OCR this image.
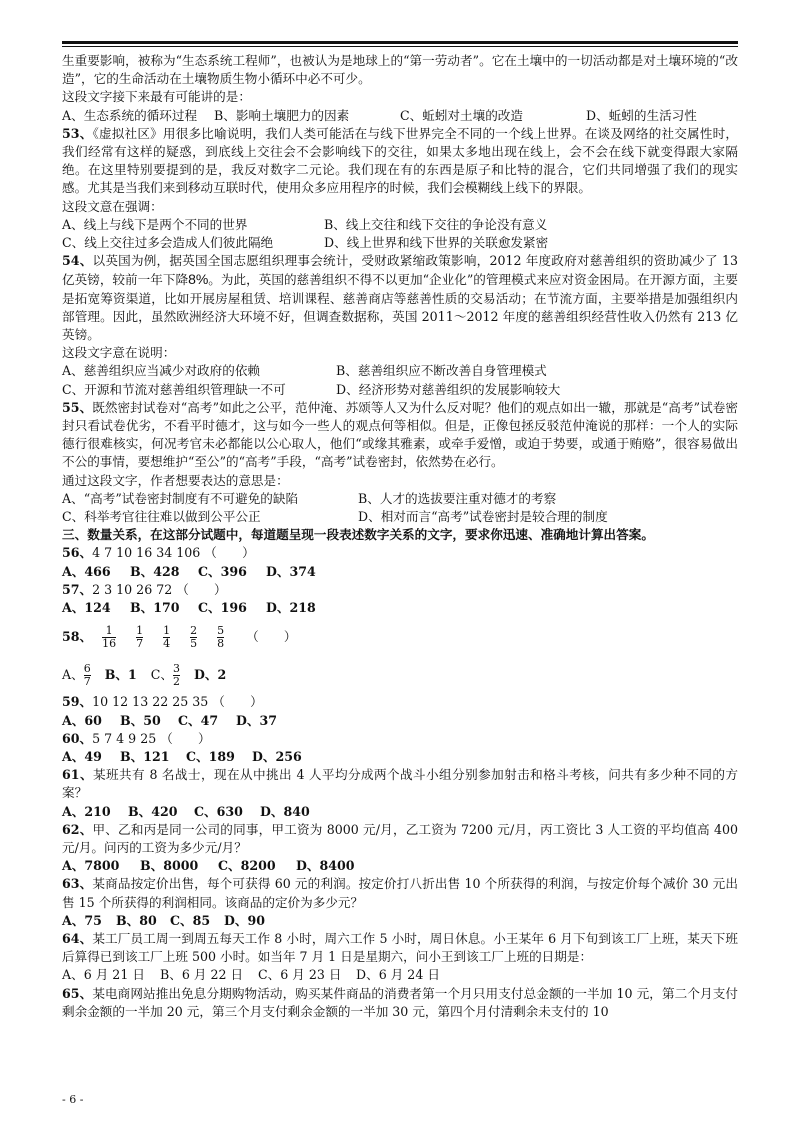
生重要影响，被称为“生态系统工程师”，也被认为是地球上的“第一劳动者”。它在土壤中的一切活动都是对土壤环境的“改造”，它的生命活动在土壤物质生物小循环中必不可少。

这段文字接下来最有可能讲的是：

A、生态系统的循环过程	B、影响土壤肥力的因素	C、蚯蚓对土壤的改造	D、蚯蚓的生活习性

53、《虚拟社区》用很多比喻说明，我们人类可能活在与线下世界完全不同的一个线上世界。在谈及网络的社交属性时，我们经常有这样的疑惑，到底线上交往会不会影响线下的交往，如果太多地出现在线上，会不会在线下就变得跟大家隔绝。在这里特别要提到的是，我反对数字二元论。我们现在有的东西是原子和比特的混合，它们共同增强了我们的现实感。尤其是当我们来到移动互联时代，使用众多应用程序的时候，我们会模糊线上线下的界限。

这段文意在强调：

A、线上与线下是两个不同的世界	B、线上交往和线下交往的争论没有意义
C、线上交往过多会造成人们彼此隔绝	D、线上世界和线下世界的关联愈发紧密

54、以英国为例，据英国全国志愿组织理事会统计，受财政紧缩政策影响，2012 年度政府对慈善组织的资助减少了 13 亿英镑，较前一年下降8%。为此，英国的慈善组织不得不以更加“企业化”的管理模式来应对资金困局。在开源方面，主要是拓宽筹资渠道，比如开展房屋租赁、培训课程、慈善商店等慈善性质的交易活动；在节流方面，主要举措是加强组织内部管理。因此，虽然欧洲经济大环境不好，但调查数据称，英国 2011～2012 年度的慈善组织经营性收入仍然有 213 亿英镑。

这段文字意在说明：

A、慈善组织应当减少对政府的依赖	B、慈善组织应不断改善自身管理模式
C、开源和节流对慈善组织管理缺一不可	D、经济形势对慈善组织的发展影响较大

55、既然密封试卷对“高考”如此之公平，范仲淹、苏颂等人又为什么反对呢？他们的观点如出一辙，那就是“高考”试卷密封只看试卷优劣，不看平时德才，这与如今一些人的观点何等相似。但是，正像包拯反驳范仲淹说的那样：一个人的实际德行很难核实，何况考官未必都能以公心取人，他们“或缘其雅素，或牵手爱憎，或迫于势要，或通于贿赂”，很容易做出不公的事情，要想维护“至公”的“高考”手段，“高考”试卷密封，依然势在必行。

通过这段文字，作者想要表达的意思是：

A、“高考”试卷密封制度有不可避免的缺陷	B、人才的选拔要注重对德才的考察
C、科举考官往往难以做到公平公正	D、相对而言“高考”试卷密封是较合理的制度

三、数量关系，在这部分试题中，每道题呈现一段表述数字关系的文字，要求你迅速、准确地计算出答案。

56、4 7 10 16 34 106 （　　）

A、466	B、428	C、396	D、374

57、2 3 10 26 72 （　　）

A、124	B、170	C、196	D、218
58、 $\frac{1}{16} \frac{1}{7} \frac{1}{4} \frac{2}{5} \frac{5}{8}$ （　　）
A、 $\frac{6}{7}$ B、1 C、 $\frac{3}{2}$ D、2

59、10 12 13 22 25 35 （　　）

A、60	B、50	C、47	D、37

60、5 7 4 9 25 （　　）

A、49	B、121	C、189	D、256

61、某班共有 8 名战士，现在从中挑出 4 人平均分成两个战斗小组分别参加射击和格斗考核，问共有多少种不同的方案？

A、210	B、420	C、630	D、840

62、甲、乙和丙是同一公司的同事，甲工资为 8000 元/月，乙工资为 7200 元/月，丙工资比 3 人工资的平均值高 400 元/月。问丙的工资为多少元/月？

A、7800	B、8000	C、8200	D、8400

63、某商品按定价出售，每个可获得 60 元的利润。按定价打八折出售 10 个所获得的利润，与按定价每个减价 30 元出售 15 个所获得的利润相同。该商品的定价为多少元？

A、75	B、80	C、85	D、90

64、某工厂员工周一到周五每天工作 8 小时，周六工作 5 小时，周日休息。小王某年 6 月下旬到该工厂上班，某天下班后算得已到该工厂上班 500 小时。如当年 7 月 1 日是星期六，问小王到该工厂上班的日期是：

A、6 月 21 日	B、6 月 22 日	C、6 月 23 日	D、6 月 24 日

65、某电商网站推出免息分期购物活动，购买某件商品的消费者第一个月只用支付总金额的一半加 10 元，第二个月支付剩余金额的一半加 20 元，第三个月支付剩余金额的一半加 30 元，第四个月付清剩余未支付的 10

- 6 -
